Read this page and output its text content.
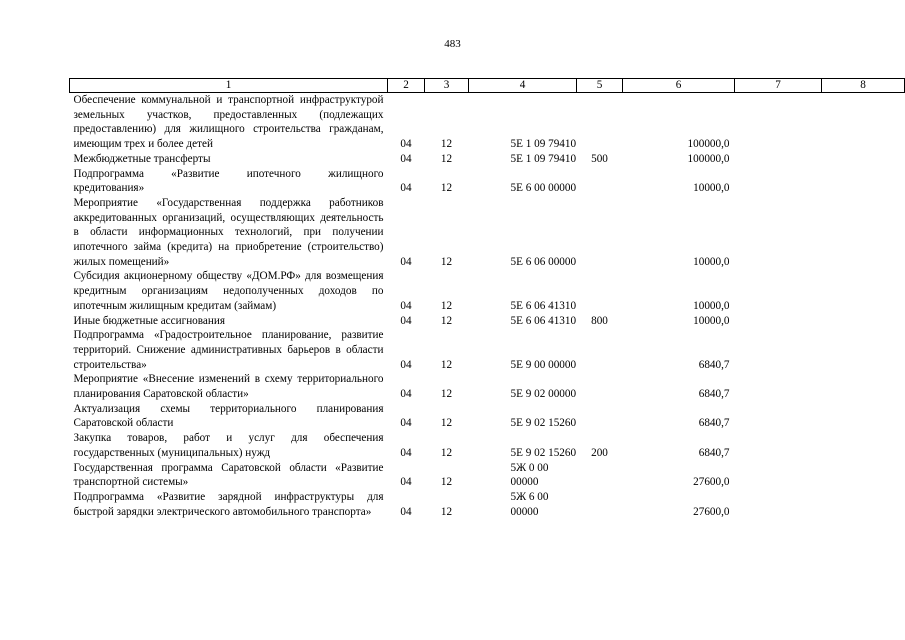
483
1	2	3	4	5	6	7	8
Обеспечение коммунальной и транспортной инфраструктурой земельных участков, предоставленных (подлежащих предоставлению) для жилищного строительства гражданам, имеющим трех и более детей	04	12	5Е 1 09 79410		100000,0		
Межбюджетные трансферты	04	12	5Е 1 09 79410	500	100000,0		
Подпрограмма «Развитие ипотечного жилищного кредитования»	04	12	5Е 6 00 00000		10000,0		
Мероприятие «Государственная поддержка работников аккредитованных организаций, осуществляющих деятельность в области информационных технологий, при получении ипотечного займа (кредита) на приобретение (строительство) жилых помещений»	04	12	5Е 6 06 00000		10000,0		
Субсидия акционерному обществу «ДОМ.РФ» для возмещения кредитным организациям недополученных доходов по ипотечным жилищным кредитам (займам)	04	12	5Е 6 06 41310		10000,0		
Иные бюджетные ассигнования	04	12	5Е 6 06 41310	800	10000,0		
Подпрограмма «Градостроительное планирование, развитие территорий. Снижение административных барьеров в области строительства»	04	12	5Е 9 00 00000		6840,7		
Мероприятие «Внесение изменений в схему территориального планирования Саратовской области»	04	12	5Е 9 02 00000		6840,7		
Актуализация схемы территориального планирования Саратовской области	04	12	5Е 9 02 15260		6840,7		
Закупка товаров, работ и услуг для обеспечения государственных (муниципальных) нужд	04	12	5Е 9 02 15260	200	6840,7		
Государственная программа Саратовской области «Развитие транспортной системы»	04	12	5Ж 0 00 00000		27600,0		
Подпрограмма «Развитие зарядной инфраструктуры для быстрой зарядки электрического автомобильного транспорта»	04	12	5Ж 6 00 00000		27600,0		
